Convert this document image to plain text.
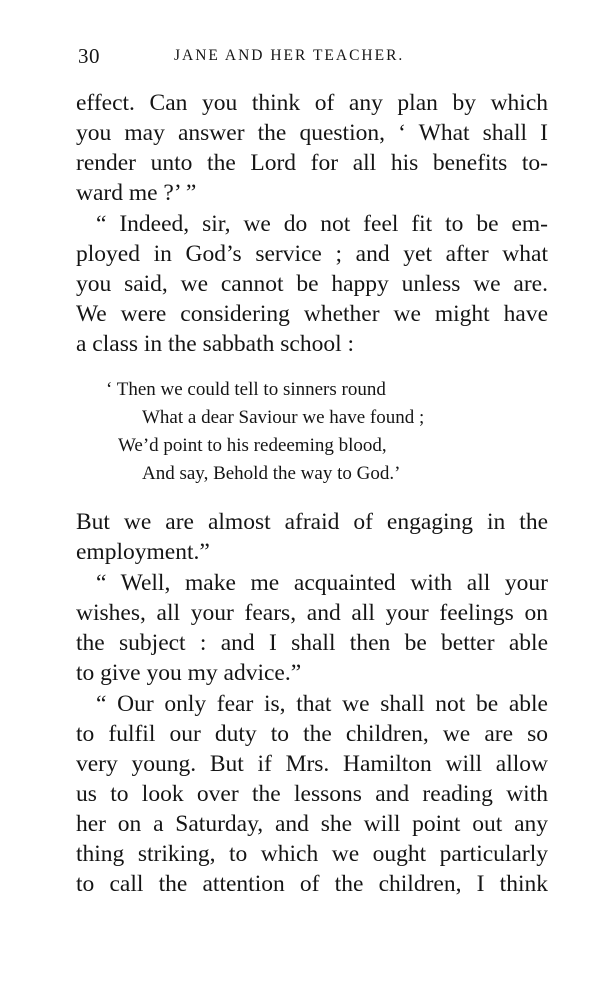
30	JANE AND HER TEACHER.
effect. Can you think of any plan by which
you may answer the question, ‘ What shall I
render unto the Lord for all his benefits to-
ward me ?’ ”
“ Indeed, sir, we do not feel fit to be em-
ployed in God’s service ; and yet after what
you said, we cannot be happy unless we are.
We were considering whether we might have
a class in the sabbath school :
‘ Then we could tell to sinners round
What a dear Saviour we have found ;
We’d point to his redeeming blood,
And say, Behold the way to God.’
But we are almost afraid of engaging in the
employment.”
“ Well, make me acquainted with all your
wishes, all your fears, and all your feelings on
the subject : and I shall then be better able
to give you my advice.”
“ Our only fear is, that we shall not be able
to fulfil our duty to the children, we are so
very young. But if Mrs. Hamilton will allow
us to look over the lessons and reading with
her on a Saturday, and she will point out any
thing striking, to which we ought particularly
to call the attention of the children, I think
